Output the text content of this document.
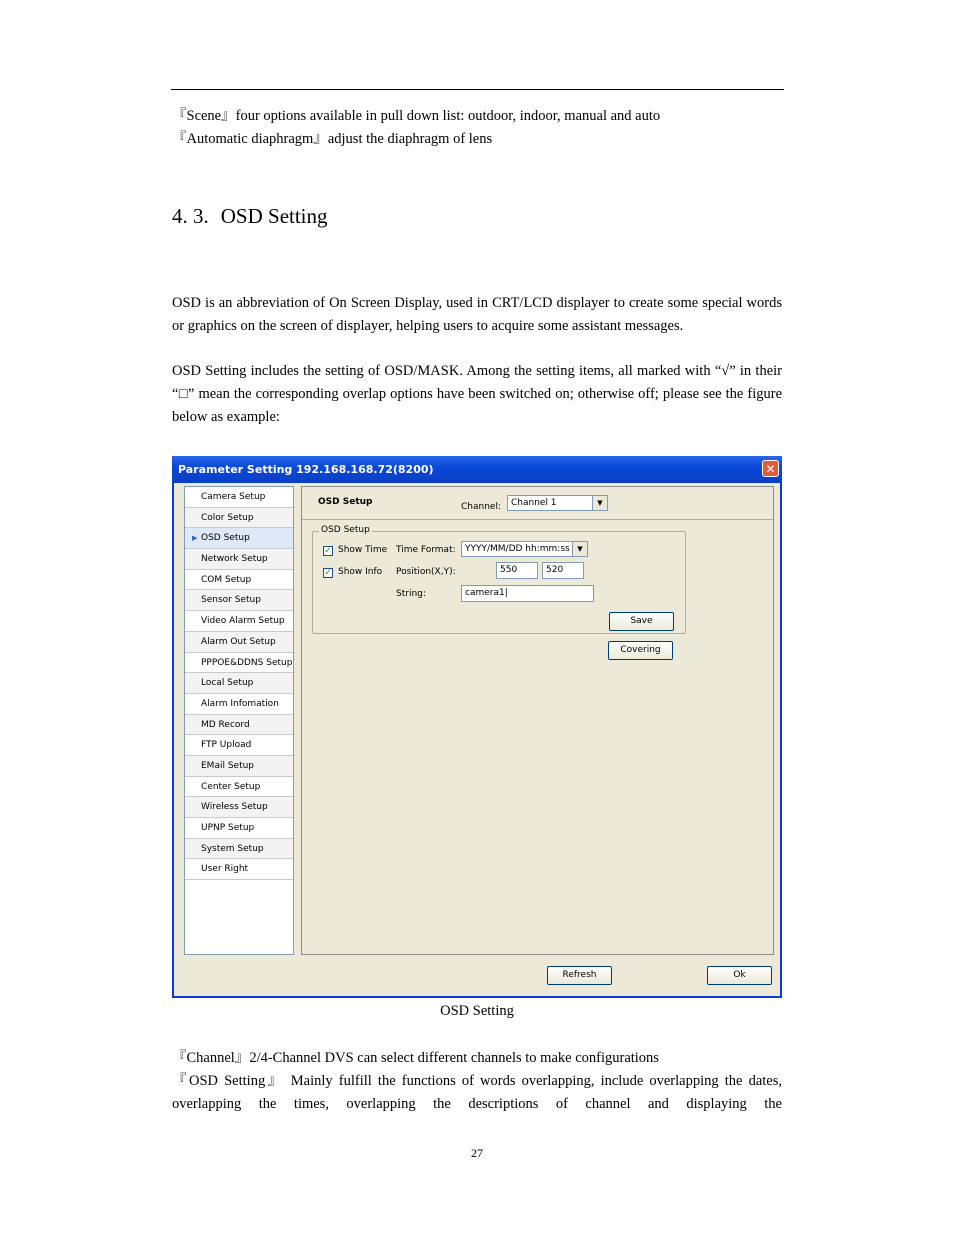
『Scene』four options available in pull down list: outdoor, indoor, manual and auto

『Automatic diaphragm』adjust the diaphragm of lens

4. 3. OSD Setting

OSD is an abbreviation of On Screen Display, used in CRT/LCD displayer to create some special words or graphics on the screen of displayer, helping users to acquire some assistant messages.

OSD Setting includes the setting of OSD/MASK. Among the setting items, all marked with “√” in their “□” mean the corresponding overlap options have been switched on; otherwise off; please see the figure below as example:

Parameter Setting 192.168.168.72(8200)	✕
Camera Setup
Color Setup
▶ OSD Setup
Network Setup
COM Setup
Sensor Setup
Video Alarm Setup
Alarm Out Setup
PPPOE&DDNS Setup
Local Setup
Alarm Infomation
MD Record
FTP Upload
EMail Setup
Center Setup
Wireless Setup
UPNP Setup
System Setup
User Right
OSD Setup	Channel:	Channel 1	▼
OSD Setup
✓ Show Time
✓ Show Info
Time Format:	YYYY/MM/DD hh:mm:ss	▼
Position(X,Y):	550	520
String:	camera1|
Save
Covering
Refresh	Ok
OSD Setting

『Channel』2/4-Channel DVS can select different channels to make configurations

『OSD Setting』 Mainly fulfill the functions of words overlapping, include overlapping the dates, overlapping the times, overlapping the descriptions of channel and displaying the

27
